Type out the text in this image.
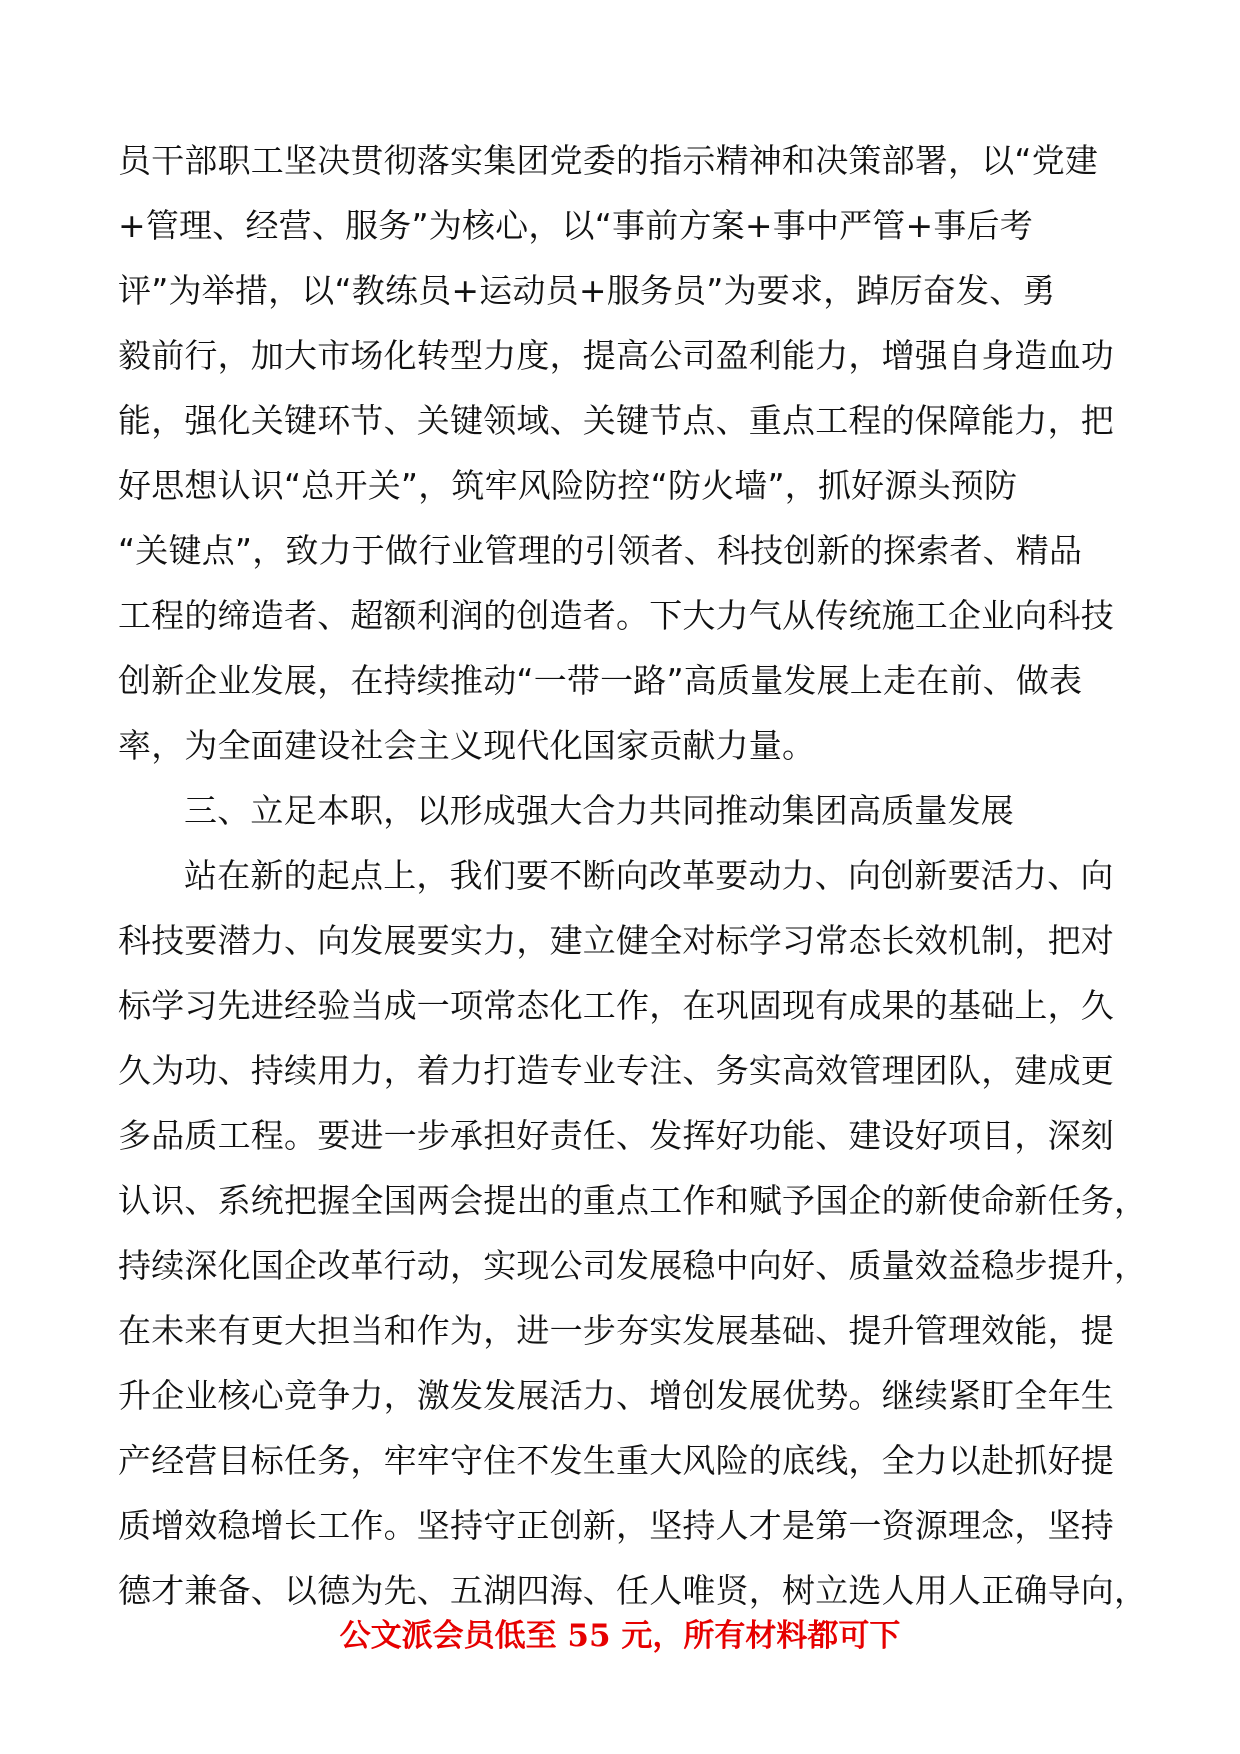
员干部职工坚决贯彻落实集团党委的指示精神和决策部署，以“党建
+管理、经营、服务”为核心，以“事前方案+事中严管+事后考
评”为举措，以“教练员+运动员+服务员”为要求，踔厉奋发、勇
毅前行，加大市场化转型力度，提高公司盈利能力，增强自身造血功
能，强化关键环节、关键领域、关键节点、重点工程的保障能力，把
好思想认识“总开关”，筑牢风险防控“防火墙”，抓好源头预防
“关键点”，致力于做行业管理的引领者、科技创新的探索者、精品
工程的缔造者、超额利润的创造者。下大力气从传统施工企业向科技
创新企业发展，在持续推动“一带一路”高质量发展上走在前、做表
率，为全面建设社会主义现代化国家贡献力量。
三、立足本职，以形成强大合力共同推动集团高质量发展
站在新的起点上，我们要不断向改革要动力、向创新要活力、向
科技要潜力、向发展要实力，建立健全对标学习常态长效机制，把对
标学习先进经验当成一项常态化工作，在巩固现有成果的基础上，久
久为功、持续用力，着力打造专业专注、务实高效管理团队，建成更
多品质工程。要进一步承担好责任、发挥好功能、建设好项目，深刻
认识、系统把握全国两会提出的重点工作和赋予国企的新使命新任务，
持续深化国企改革行动，实现公司发展稳中向好、质量效益稳步提升，
在未来有更大担当和作为，进一步夯实发展基础、提升管理效能，提
升企业核心竞争力，激发发展活力、增创发展优势。继续紧盯全年生
产经营目标任务，牢牢守住不发生重大风险的底线，全力以赴抓好提
质增效稳增长工作。坚持守正创新，坚持人才是第一资源理念，坚持
德才兼备、以德为先、五湖四海、任人唯贤，树立选人用人正确导向，
公文派会员低至 55 元，所有材料都可下
